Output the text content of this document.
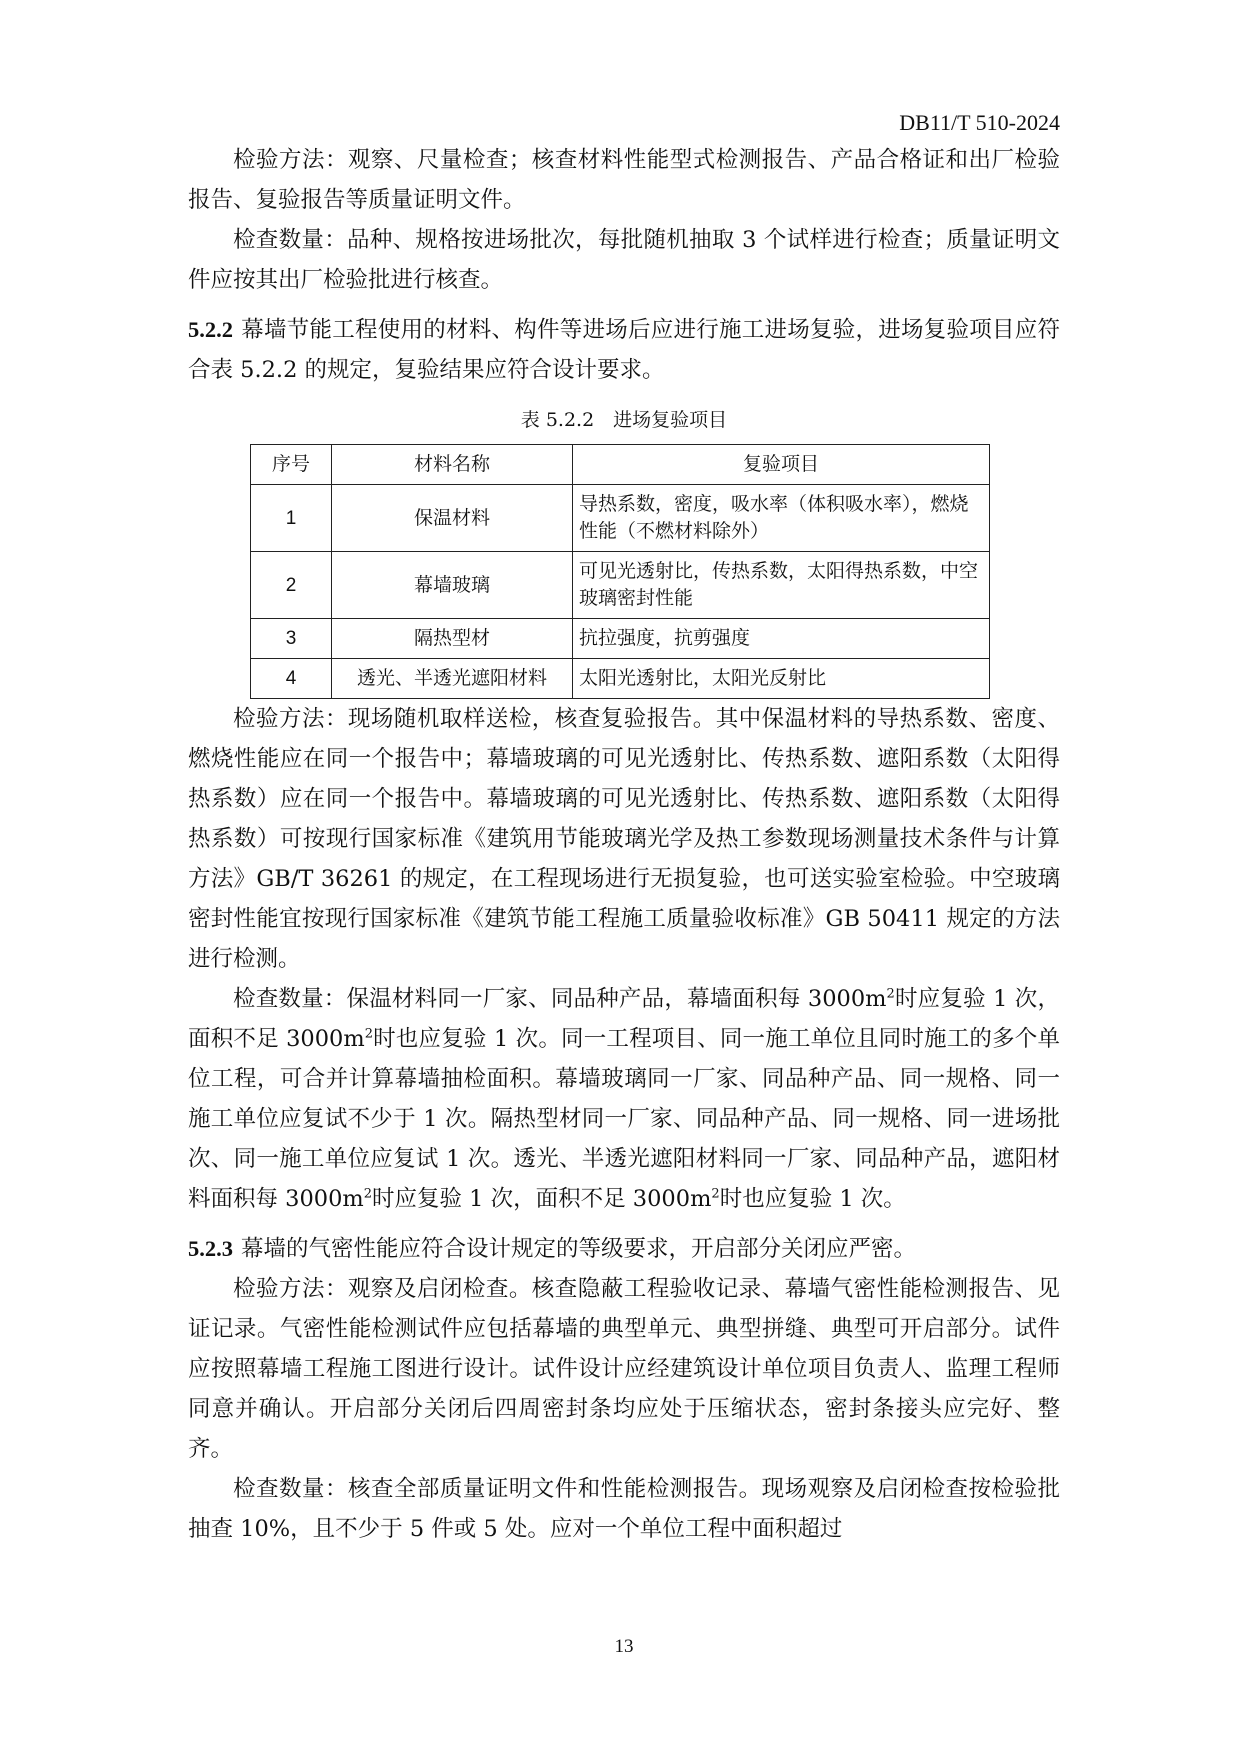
DB11/T 510-2024

检验方法：观察、尺量检查；核查材料性能型式检测报告、产品合格证和出厂检验报告、复验报告等质量证明文件。

检查数量：品种、规格按进场批次，每批随机抽取 3 个试样进行检查；质量证明文件应按其出厂检验批进行核查。

5.2.2 幕墙节能工程使用的材料、构件等进场后应进行施工进场复验，进场复验项目应符合表 5.2.2 的规定，复验结果应符合设计要求。

表 5.2.2　进场复验项目

序号	材料名称	复验项目
1	保温材料	导热系数，密度，吸水率（体积吸水率），燃烧性能（不燃材料除外）
2	幕墙玻璃	可见光透射比，传热系数，太阳得热系数，中空玻璃密封性能
3	隔热型材	抗拉强度，抗剪强度
4	透光、半透光遮阳材料	太阳光透射比，太阳光反射比

检验方法：现场随机取样送检，核查复验报告。其中保温材料的导热系数、密度、燃烧性能应在同一个报告中；幕墙玻璃的可见光透射比、传热系数、遮阳系数（太阳得热系数）应在同一个报告中。幕墙玻璃的可见光透射比、传热系数、遮阳系数（太阳得热系数）可按现行国家标准《建筑用节能玻璃光学及热工参数现场测量技术条件与计算方法》GB/T 36261 的规定，在工程现场进行无损复验，也可送实验室检验。中空玻璃密封性能宜按现行国家标准《建筑节能工程施工质量验收标准》GB 50411 规定的方法进行检测。

检查数量：保温材料同一厂家、同品种产品，幕墙面积每 $3000m^2$时应复验 1 次，面积不足 $3000m^2$时也应复验 1 次。同一工程项目、同一施工单位且同时施工的多个单位工程，可合并计算幕墙抽检面积。幕墙玻璃同一厂家、同品种产品、同一规格、同一施工单位应复试不少于 1 次。隔热型材同一厂家、同品种产品、同一规格、同一进场批次、同一施工单位应复试 1 次。透光、半透光遮阳材料同一厂家、同品种产品，遮阳材料面积每 $3000m^2$时应复验 1 次，面积不足 $3000m^2$时也应复验 1 次。

5.2.3 幕墙的气密性能应符合设计规定的等级要求，开启部分关闭应严密。

检验方法：观察及启闭检查。核查隐蔽工程验收记录、幕墙气密性能检测报告、见证记录。气密性能检测试件应包括幕墙的典型单元、典型拼缝、典型可开启部分。试件应按照幕墙工程施工图进行设计。试件设计应经建筑设计单位项目负责人、监理工程师同意并确认。开启部分关闭后四周密封条均应处于压缩状态，密封条接头应完好、整齐。

检查数量：核查全部质量证明文件和性能检测报告。现场观察及启闭检查按检验批抽查 10%，且不少于 5 件或 5 处。应对一个单位工程中面积超过

13
